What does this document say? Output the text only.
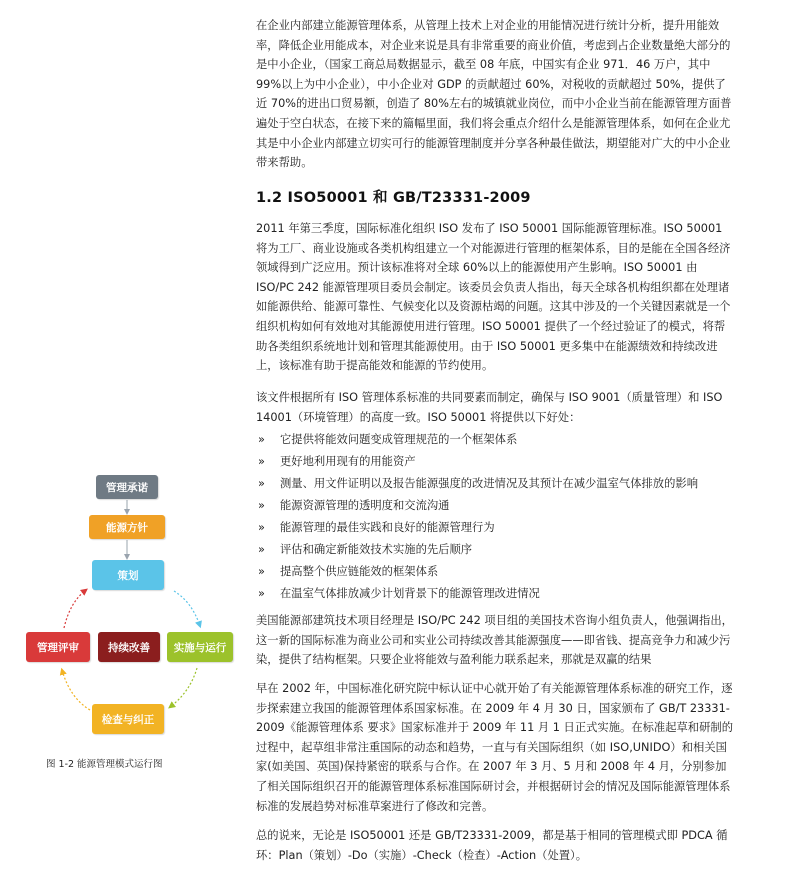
在企业内部建立能源管理体系，从管理上技术上对企业的用能情况进行统计分析，提升用能效率，降低企业用能成本，对企业来说是具有非常重要的商业价值，考虑到占企业数量绝大部分的是中小企业，（国家工商总局数据显示，截至 08 年底，中国实有企业 971．46 万户，其中 99%以上为中小企业），中小企业对 GDP 的贡献超过 60%，对税收的贡献超过 50%，提供了近 70%的进出口贸易额，创造了 80%左右的城镇就业岗位，而中小企业当前在能源管理方面普遍处于空白状态，在接下来的篇幅里面，我们将会重点介绍什么是能源管理体系，如何在企业尤其是中小企业内部建立切实可行的能源管理制度并分享各种最佳做法，期望能对广大的中小企业带来帮助。

1.2 ISO50001 和 GB/T23331-2009

2011 年第三季度，国际标准化组织 ISO 发布了 ISO 50001 国际能源管理标准。ISO 50001 将为工厂、商业设施或各类机构组建立一个对能源进行管理的框架体系，目的是能在全国各经济领域得到广泛应用。预计该标准将对全球 60%以上的能源使用产生影响。ISO 50001 由 ISO/PC 242 能源管理项目委员会制定。该委员会负责人指出，每天全球各机构组织都在处理诸如能源供给、能源可靠性、气候变化以及资源枯竭的问题。这其中涉及的一个关键因素就是一个组织机构如何有效地对其能源使用进行管理。ISO 50001 提供了一个经过验证了的模式，将帮助各类组织系统地计划和管理其能源使用。由于 ISO 50001 更多集中在能源绩效和持续改进上，该标准有助于提高能效和能源的节约使用。

该文件根据所有 ISO 管理体系标准的共同要素而制定，确保与 ISO 9001（质量管理）和 ISO 14001（环境管理）的高度一致。ISO 50001 将提供以下好处：

» 它提供将能效问题变成管理规范的一个框架体系
» 更好地利用现有的用能资产
» 测量、用文件证明以及报告能源强度的改进情况及其预计在减少温室气体排放的影响
» 能源资源管理的透明度和交流沟通
» 能源管理的最佳实践和良好的能源管理行为
» 评估和确定新能效技术实施的先后顺序
» 提高整个供应链能效的框架体系
» 在温室气体排放减少计划背景下的能源管理改进情况

美国能源部建筑技术项目经理是 ISO/PC 242 项目组的美国技术咨询小组负责人，他强调指出，这一新的国际标准为商业公司和实业公司持续改善其能源强度——即省钱、提高竞争力和减少污染，提供了结构框架。只要企业将能效与盈利能力联系起来，那就是双赢的结果

早在 2002 年，中国标准化研究院中标认证中心就开始了有关能源管理体系标准的研究工作，逐步探索建立我国的能源管理体系国家标准。在 2009 年 4 月 30 日，国家颁布了 GB/T 23331-2009《能源管理体系 要求》国家标准并于 2009 年 11 月 1 日正式实施。在标准起草和研制的过程中，起草组非常注重国际的动态和趋势，一直与有关国际组织（如 ISO,UNIDO）和相关国家(如美国、英国)保持紧密的联系与合作。在 2007 年 3 月、5 月和 2008 年 4 月，分别参加了相关国际组织召开的能源管理体系标准国际研讨会，并根据研讨会的情况及国际能源管理体系标准的发展趋势对标准草案进行了修改和完善。

总的说来，无论是 ISO50001 还是 GB/T23331-2009，都是基于相同的管理模式即 PDCA 循环：Plan（策划）-Do（实施）-Check（检查）-Action（处置）。

管理承诺
能源方针
策划
管理评审	持续改善	实施与运行
检查与纠正
图 1-2 能源管理模式运行图
